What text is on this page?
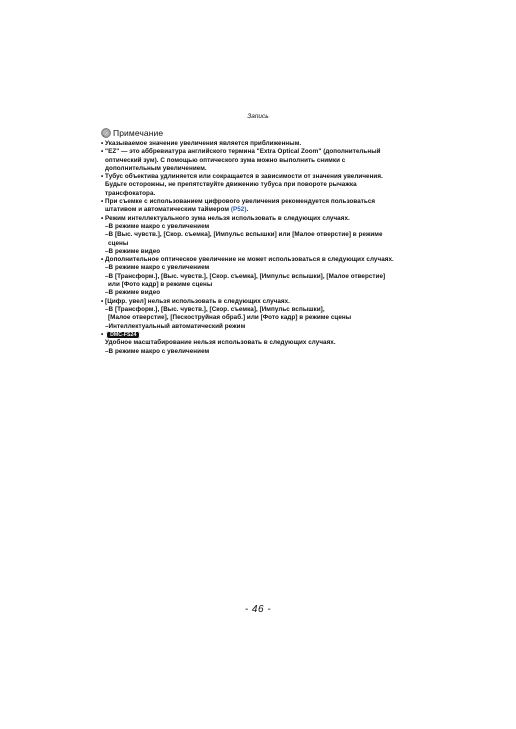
Запись
Примечание
• Указываемое значение увеличения является приближенным.
• "EZ" — это аббревиатура английского термина "Extra Optical Zoom" (дополнительный
оптический зум). С помощью оптического зума можно выполнить снимки с
дополнительным увеличением.
• Тубус объектива удлиняется или сокращается в зависимости от значения увеличения.
Будьте осторожны, не препятствуйте движению тубуса при повороте рычажка
трансфокатора.
• При съемке с использованием цифрового увеличения рекомендуется пользоваться
штативом и автоматическим таймером (P52).
• Режим интеллектуального зума нельзя использовать в следующих случаях.
–В режиме макро с увеличением
–В [Выс. чувств.], [Скор. съемка], [Импульс вспышки] или [Малое отверстие] в режиме
сцены
–В режиме видео
• Дополнительное оптическое увеличение не может использоваться в следующих случаях.
–В режиме макро с увеличением
–В [Трансформ.], [Выс. чувств.], [Скор. съемка], [Импульс вспышки], [Малое отверстие]
или [Фото кадр] в режиме сцены
–В режиме видео
• [Цифр. увел] нельзя использовать в следующих случаях.
–В [Трансформ.], [Выс. чувств.], [Скор. съемка], [Импульс вспышки],
[Малое отверстие], [Пескоструйная обраб.] или [Фото кадр] в режиме сцены
–Интеллектуальный автоматический режим
• DMC-FS24
Удобное масштабирование нельзя использовать в следующих случаях.
–В режиме макро с увеличением
- 46 -
